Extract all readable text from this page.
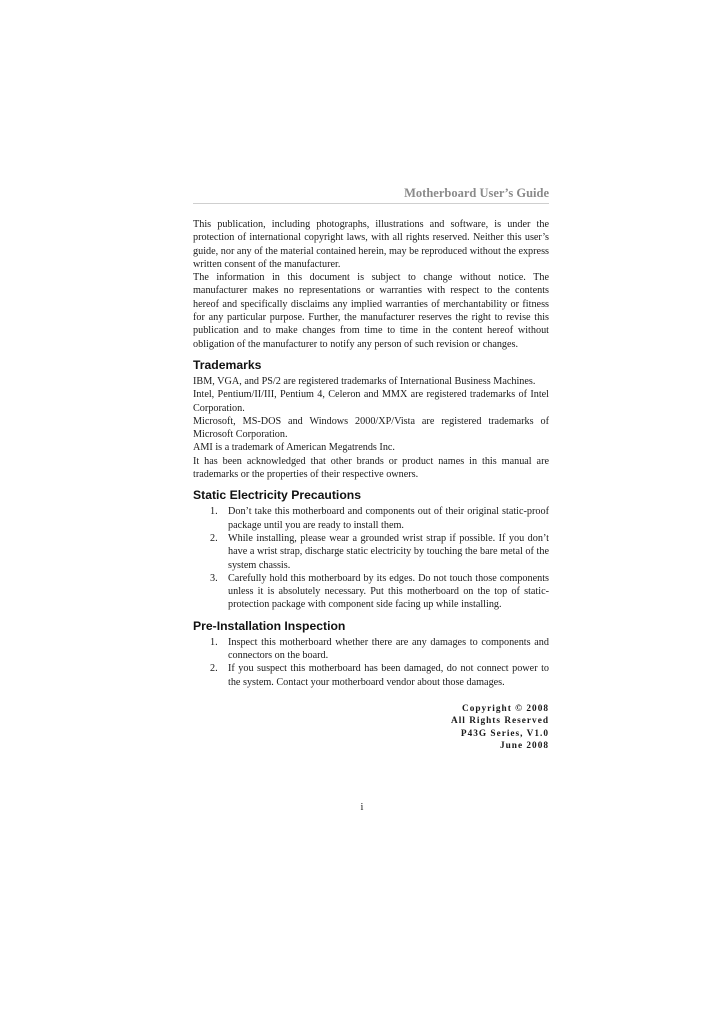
Motherboard User’s Guide

This publication, including photographs, illustrations and software, is under the protection of international copyright laws, with all rights reserved. Neither this user’s guide, nor any of the material contained herein, may be reproduced without the express written consent of the manufacturer.

The information in this document is subject to change without notice. The manufacturer makes no representations or warranties with respect to the contents hereof and specifically disclaims any implied warranties of merchantability or fitness for any particular purpose. Further, the manufacturer reserves the right to revise this publication and to make changes from time to time in the content hereof without obligation of the manufacturer to notify any person of such revision or changes.

Trademarks

IBM, VGA, and PS/2 are registered trademarks of International Business Machines.

Intel, Pentium/II/III, Pentium 4, Celeron and MMX are registered trademarks of Intel Corporation.

Microsoft, MS-DOS and Windows 2000/XP/Vista are registered trademarks of Microsoft Corporation.

AMI is a trademark of American Megatrends Inc.

It has been acknowledged that other brands or product names in this manual are trademarks or the properties of their respective owners.

Static Electricity Precautions
1. Don’t take this motherboard and components out of their original static-proof package until you are ready to install them.
2. While installing, please wear a grounded wrist strap if possible. If you don’t have a wrist strap, discharge static electricity by touching the bare metal of the system chassis.
3. Carefully hold this motherboard by its edges. Do not touch those components unless it is absolutely necessary. Put this motherboard on the top of static-protection package with component side facing up while installing.
Pre-Installation Inspection
1. Inspect this motherboard whether there are any damages to components and connectors on the board.
2. If you suspect this motherboard has been damaged, do not connect power to the system. Contact your motherboard vendor about those damages.
Copyright © 2008
All Rights Reserved
P43G Series, V1.0
June 2008
i
